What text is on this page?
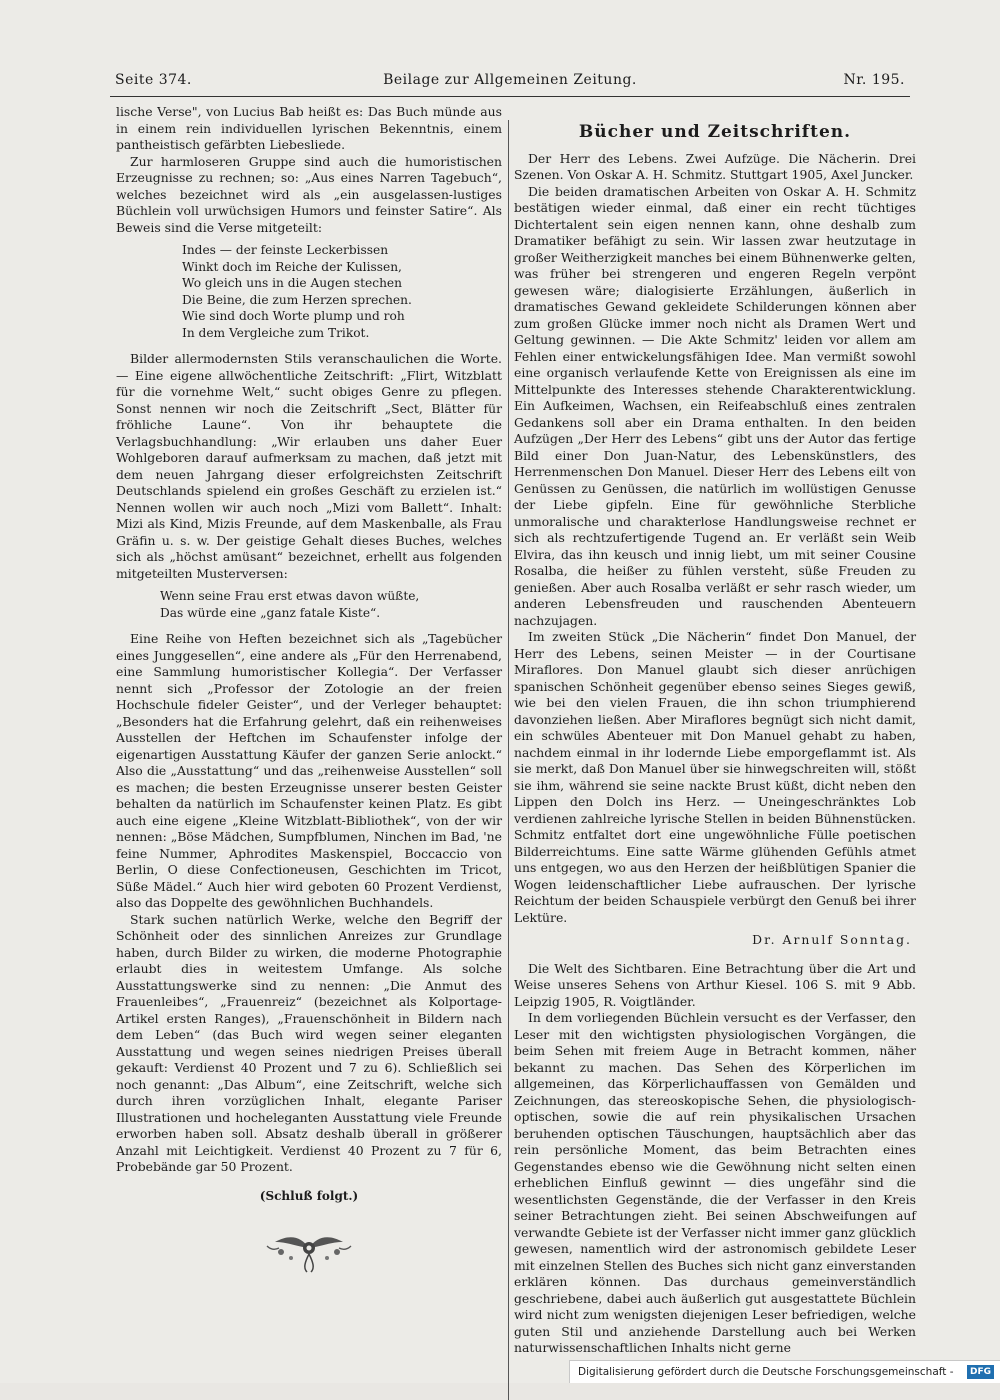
Seite 374.	Beilage zur Allgemeinen Zeitung.	Nr. 195.

lische Verse", von Lucius Bab heißt es: Das Buch münde aus in einem rein individuellen lyrischen Bekenntnis, einem pantheistisch gefärbten Liebesliede.

Zur harmloseren Gruppe sind auch die humoristischen Erzeugnisse zu rechnen; so: „Aus eines Narren Tagebuch“, welches bezeichnet wird als „ein ausgelassen-lustiges Büchlein voll urwüchsigen Humors und feinster Satire“. Als Beweis sind die Verse mitgeteilt:

Indes — der feinste Leckerbissen
Winkt doch im Reiche der Kulissen,
Wo gleich uns in die Augen stechen
Die Beine, die zum Herzen sprechen.
Wie sind doch Worte plump und roh
In dem Vergleiche zum Trikot.

Bilder allermodernsten Stils veranschaulichen die Worte. — Eine eigene allwöchentliche Zeitschrift: „Flirt, Witzblatt für die vornehme Welt,“ sucht obiges Genre zu pflegen. Sonst nennen wir noch die Zeitschrift „Sect, Blätter für fröhliche Laune“. Von ihr behauptete die Verlagsbuchhandlung: „Wir erlauben uns daher Euer Wohlgeboren darauf aufmerksam zu machen, daß jetzt mit dem neuen Jahrgang dieser erfolgreichsten Zeitschrift Deutschlands spielend ein großes Geschäft zu erzielen ist.“ Nennen wollen wir auch noch „Mizi vom Ballett“. Inhalt: Mizi als Kind, Mizis Freunde, auf dem Maskenballe, als Frau Gräfin u. s. w. Der geistige Gehalt dieses Buches, welches sich als „höchst amüsant“ bezeichnet, erhellt aus folgenden mitgeteilten Musterversen:

Wenn seine Frau erst etwas davon wüßte,
Das würde eine „ganz fatale Kiste“.

Eine Reihe von Heften bezeichnet sich als „Tagebücher eines Junggesellen“, eine andere als „Für den Herrenabend, eine Sammlung humoristischer Kollegia“. Der Verfasser nennt sich „Professor der Zotologie an der freien Hochschule fideler Geister“, und der Verleger behauptet: „Besonders hat die Erfahrung gelehrt, daß ein reihenweises Ausstellen der Heftchen im Schaufenster infolge der eigenartigen Ausstattung Käufer der ganzen Serie anlockt.“ Also die „Ausstattung“ und das „reihenweise Ausstellen“ soll es machen; die besten Erzeugnisse unserer besten Geister behalten da natürlich im Schaufenster keinen Platz. Es gibt auch eine eigene „Kleine Witzblatt-Bibliothek“, von der wir nennen: „Böse Mädchen, Sumpfblumen, Ninchen im Bad, 'ne feine Nummer, Aphrodites Maskenspiel, Boccaccio von Berlin, O diese Confectioneusen, Geschichten im Tricot, Süße Mädel.“ Auch hier wird geboten 60 Prozent Verdienst, also das Doppelte des gewöhnlichen Buchhandels.

Stark suchen natürlich Werke, welche den Begriff der Schönheit oder des sinnlichen Anreizes zur Grundlage haben, durch Bilder zu wirken, die moderne Photographie erlaubt dies in weitestem Umfange. Als solche Ausstattungswerke sind zu nennen: „Die Anmut des Frauenleibes“, „Frauenreiz“ (bezeichnet als Kolportage-Artikel ersten Ranges), „Frauenschönheit in Bildern nach dem Leben“ (das Buch wird wegen seiner eleganten Ausstattung und wegen seines niedrigen Preises überall gekauft: Verdienst 40 Prozent und 7 zu 6). Schließlich sei noch genannt: „Das Album“, eine Zeitschrift, welche sich durch ihren vorzüglichen Inhalt, elegante Pariser Illustrationen und hocheleganten Ausstattung viele Freunde erworben haben soll. Absatz deshalb überall in größerer Anzahl mit Leichtigkeit. Verdienst 40 Prozent zu 7 für 6, Probebände gar 50 Prozent.

(Schluß folgt.)
Bücher und Zeitschriften.

Der Herr des Lebens. Zwei Aufzüge. Die Nächerin. Drei Szenen. Von Oskar A. H. Schmitz. Stuttgart 1905, Axel Juncker.

Die beiden dramatischen Arbeiten von Oskar A. H. Schmitz bestätigen wieder einmal, daß einer ein recht tüchtiges Dichtertalent sein eigen nennen kann, ohne deshalb zum Dramatiker befähigt zu sein. Wir lassen zwar heutzutage in großer Weitherzigkeit manches bei einem Bühnenwerke gelten, was früher bei strengeren und engeren Regeln verpönt gewesen wäre; dialogisierte Erzählungen, äußerlich in dramatisches Gewand gekleidete Schilderungen können aber zum großen Glücke immer noch nicht als Dramen Wert und Geltung gewinnen. — Die Akte Schmitz' leiden vor allem am Fehlen einer entwickelungsfähigen Idee. Man vermißt sowohl eine organisch verlaufende Kette von Ereignissen als eine im Mittelpunkte des Interesses stehende Charakterentwicklung. Ein Aufkeimen, Wachsen, ein Reifeabschluß eines zentralen Gedankens soll aber ein Drama enthalten. In den beiden Aufzügen „Der Herr des Lebens“ gibt uns der Autor das fertige Bild einer Don Juan-Natur, des Lebenskünstlers, des Herrenmenschen Don Manuel. Dieser Herr des Lebens eilt von Genüssen zu Genüssen, die natürlich im wollüstigen Genusse der Liebe gipfeln. Eine für gewöhnliche Sterbliche unmoralische und charakterlose Handlungsweise rechnet er sich als rechtzufertigende Tugend an. Er verläßt sein Weib Elvira, das ihn keusch und innig liebt, um mit seiner Cousine Rosalba, die heißer zu fühlen versteht, süße Freuden zu genießen. Aber auch Rosalba verläßt er sehr rasch wieder, um anderen Lebensfreuden und rauschenden Abenteuern nachzujagen.

Im zweiten Stück „Die Nächerin“ findet Don Manuel, der Herr des Lebens, seinen Meister — in der Courtisane Miraflores. Don Manuel glaubt sich dieser anrüchigen spanischen Schönheit gegenüber ebenso seines Sieges gewiß, wie bei den vielen Frauen, die ihn schon triumphierend davonziehen ließen. Aber Miraflores begnügt sich nicht damit, ein schwüles Abenteuer mit Don Manuel gehabt zu haben, nachdem einmal in ihr lodernde Liebe emporgeflammt ist. Als sie merkt, daß Don Manuel über sie hinwegschreiten will, stößt sie ihm, während sie seine nackte Brust küßt, dicht neben den Lippen den Dolch ins Herz. — Uneingeschränktes Lob verdienen zahlreiche lyrische Stellen in beiden Bühnenstücken. Schmitz entfaltet dort eine ungewöhnliche Fülle poetischen Bilderreichtums. Eine satte Wärme glühenden Gefühls atmet uns entgegen, wo aus den Herzen der heißblütigen Spanier die Wogen leidenschaftlicher Liebe aufrauschen. Der lyrische Reichtum der beiden Schauspiele verbürgt den Genuß bei ihrer Lektüre.

Dr. Arnulf Sonntag.

Die Welt des Sichtbaren. Eine Betrachtung über die Art und Weise unseres Sehens von Arthur Kiesel. 106 S. mit 9 Abb. Leipzig 1905, R. Voigtländer.

In dem vorliegenden Büchlein versucht es der Verfasser, den Leser mit den wichtigsten physiologischen Vorgängen, die beim Sehen mit freiem Auge in Betracht kommen, näher bekannt zu machen. Das Sehen des Körperlichen im allgemeinen, das Körperlichauffassen von Gemälden und Zeichnungen, das stereoskopische Sehen, die physiologisch-optischen, sowie die auf rein physikalischen Ursachen beruhenden optischen Täuschungen, hauptsächlich aber das rein persönliche Moment, das beim Betrachten eines Gegenstandes ebenso wie die Gewöhnung nicht selten einen erheblichen Einfluß gewinnt — dies ungefähr sind die wesentlichsten Gegenstände, die der Verfasser in den Kreis seiner Betrachtungen zieht. Bei seinen Abschweifungen auf verwandte Gebiete ist der Verfasser nicht immer ganz glücklich gewesen, namentlich wird der astronomisch gebildete Leser mit einzelnen Stellen des Buches sich nicht ganz einverstanden erklären können. Das durchaus gemeinverständlich geschriebene, dabei auch äußerlich gut ausgestattete Büchlein wird nicht zum wenigsten diejenigen Leser befriedigen, welche guten Stil und anziehende Darstellung auch bei Werken naturwissenschaftlichen Inhalts nicht gerne

Digitalisierung gefördert durch die Deutsche Forschungsgemeinschaft -	DFG
